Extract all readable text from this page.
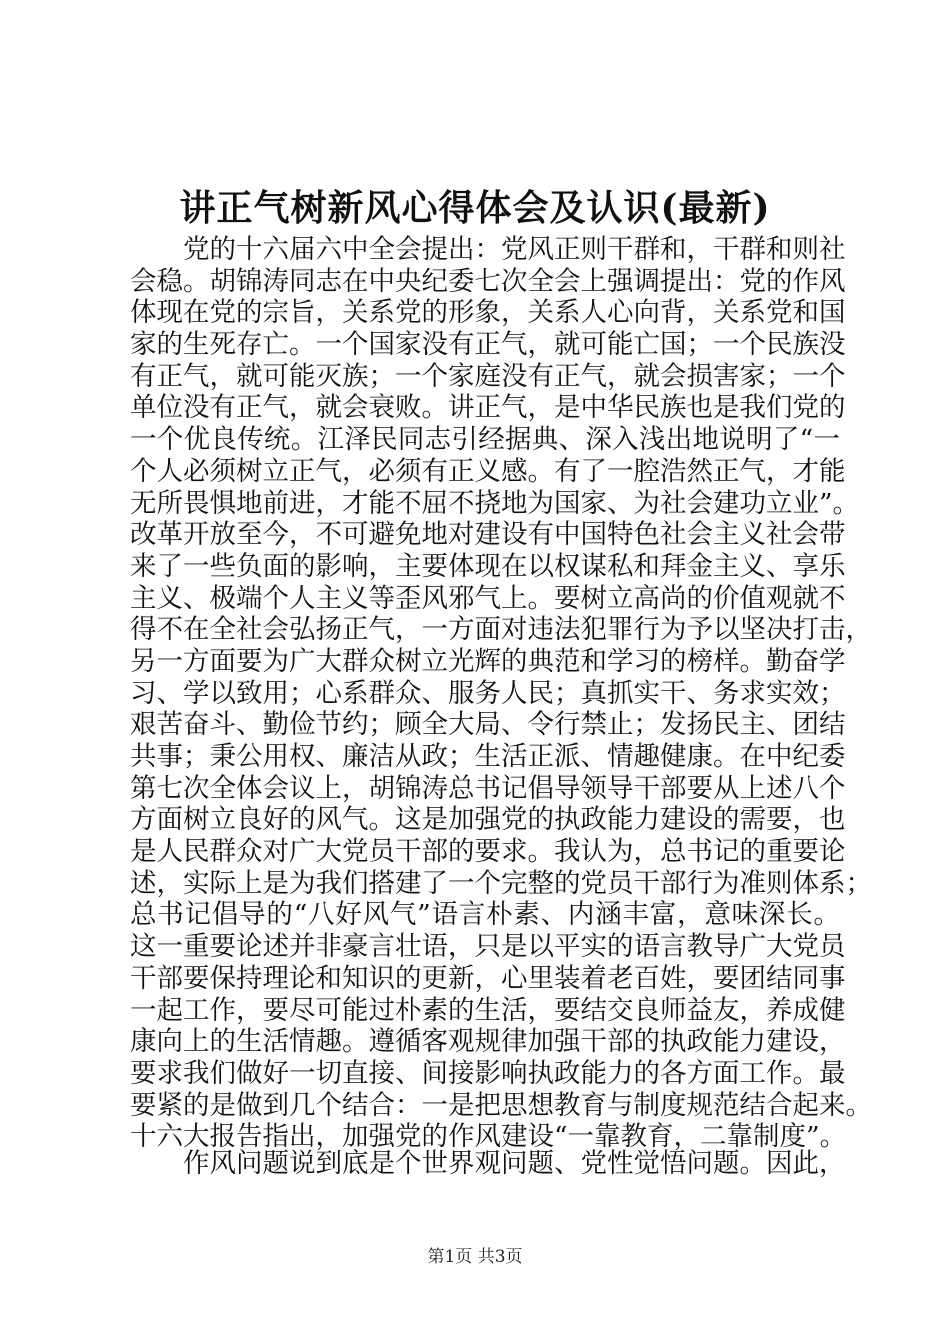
讲正气树新风心得体会及认识(最新)
党的十六届六中全会提出：党风正则干群和，干群和则社
会稳。胡锦涛同志在中央纪委七次全会上强调提出：党的作风
体现在党的宗旨，关系党的形象，关系人心向背，关系党和国
家的生死存亡。一个国家没有正气，就可能亡国；一个民族没
有正气，就可能灭族；一个家庭没有正气，就会损害家；一个
单位没有正气，就会衰败。讲正气，是中华民族也是我们党的
一个优良传统。江泽民同志引经据典、深入浅出地说明了“一
个人必须树立正气，必须有正义感。有了一腔浩然正气，才能
无所畏惧地前进，才能不屈不挠地为国家、为社会建功立业”。
改革开放至今，不可避免地对建设有中国特色社会主义社会带
来了一些负面的影响，主要体现在以权谋私和拜金主义、享乐
主义、极端个人主义等歪风邪气上。要树立高尚的价值观就不
得不在全社会弘扬正气，一方面对违法犯罪行为予以坚决打击，
另一方面要为广大群众树立光辉的典范和学习的榜样。勤奋学
习、学以致用；心系群众、服务人民；真抓实干、务求实效；
艰苦奋斗、勤俭节约；顾全大局、令行禁止；发扬民主、团结
共事；秉公用权、廉洁从政；生活正派、情趣健康。在中纪委
第七次全体会议上，胡锦涛总书记倡导领导干部要从上述八个
方面树立良好的风气。这是加强党的执政能力建设的需要，也
是人民群众对广大党员干部的要求。我认为，总书记的重要论
述，实际上是为我们搭建了一个完整的党员干部行为准则体系；
总书记倡导的“八好风气”语言朴素、内涵丰富，意味深长。
这一重要论述并非豪言壮语，只是以平实的语言教导广大党员
干部要保持理论和知识的更新，心里装着老百姓，要团结同事
一起工作，要尽可能过朴素的生活，要结交良师益友，养成健
康向上的生活情趣。遵循客观规律加强干部的执政能力建设，
要求我们做好一切直接、间接影响执政能力的各方面工作。最
要紧的是做到几个结合：一是把思想教育与制度规范结合起来。
十六大报告指出，加强党的作风建设“一靠教育，二靠制度”。
作风问题说到底是个世界观问题、党性觉悟问题。因此，
第1页 共3页
